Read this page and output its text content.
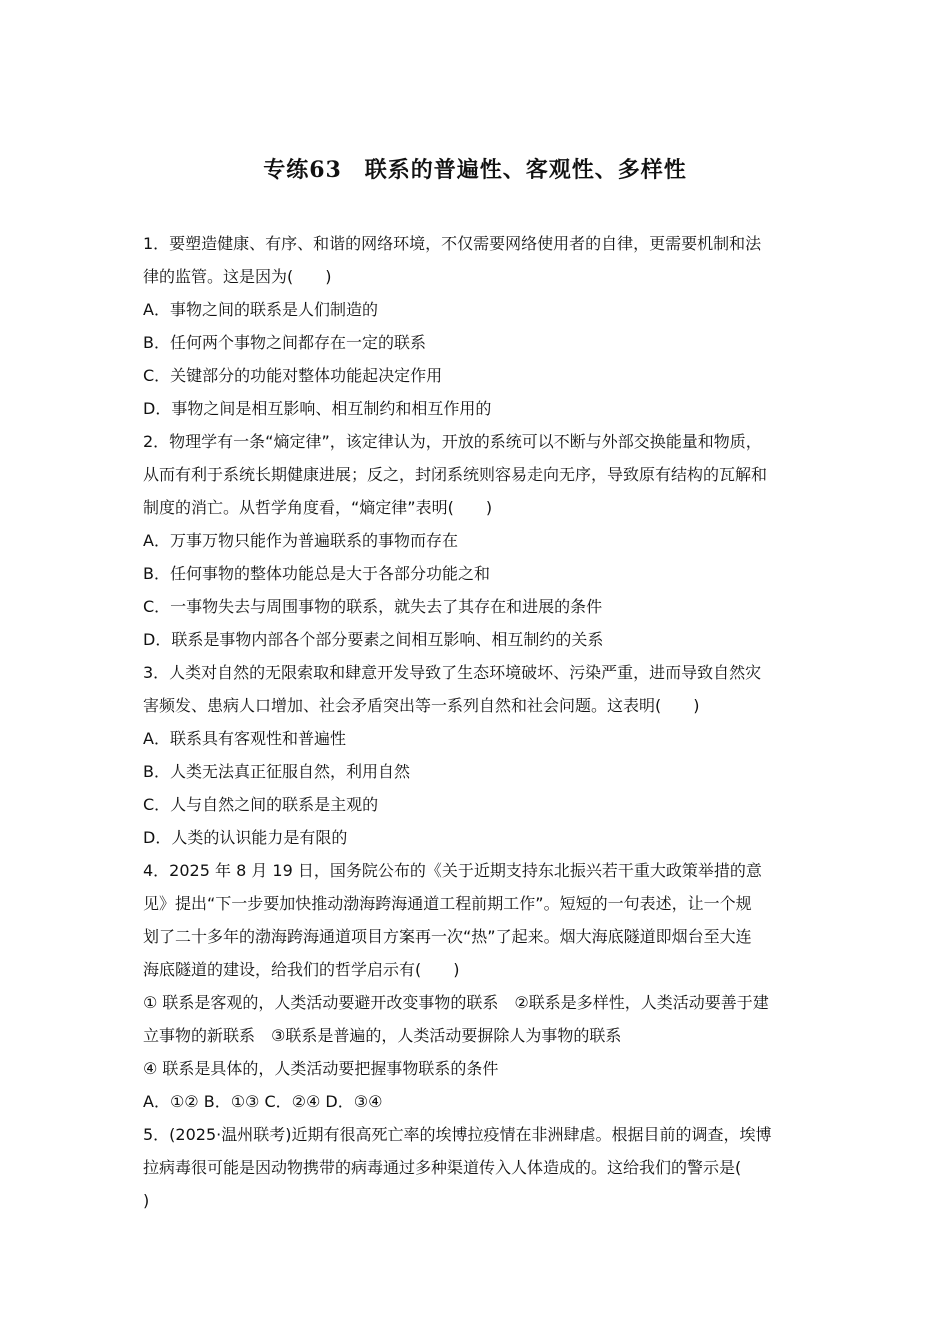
专练63　联系的普遍性、客观性、多样性
1．要塑造健康、有序、和谐的网络环境，不仅需要网络使用者的自律，更需要机制和法
律的监管。这是因为(　　)
A．事物之间的联系是人们制造的
B．任何两个事物之间都存在一定的联系
C．关键部分的功能对整体功能起决定作用
D．事物之间是相互影响、相互制约和相互作用的
2．物理学有一条“熵定律”，该定律认为，开放的系统可以不断与外部交换能量和物质，
从而有利于系统长期健康进展；反之，封闭系统则容易走向无序，导致原有结构的瓦解和
制度的消亡。从哲学角度看，“熵定律”表明(　　)
A．万事万物只能作为普遍联系的事物而存在
B．任何事物的整体功能总是大于各部分功能之和
C．一事物失去与周围事物的联系，就失去了其存在和进展的条件
D．联系是事物内部各个部分要素之间相互影响、相互制约的关系
3．人类对自然的无限索取和肆意开发导致了生态环境破坏、污染严重，进而导致自然灾
害频发、患病人口增加、社会矛盾突出等一系列自然和社会问题。这表明(　　)
A．联系具有客观性和普遍性
B．人类无法真正征服自然，利用自然
C．人与自然之间的联系是主观的
D．人类的认识能力是有限的
4．2025 年 8 月 19 日，国务院公布的《关于近期支持东北振兴若干重大政策举措的意
见》提出“下一步要加快推动渤海跨海通道工程前期工作”。短短的一句表述，让一个规
划了二十多年的渤海跨海通道项目方案再一次“热”了起来。烟大海底隧道即烟台至大连
海底隧道的建设，给我们的哲学启示有(　　)
① 联系是客观的，人类活动要避开改变事物的联系　②联系是多样性，人类活动要善于建
立事物的新联系　③联系是普遍的，人类活动要摒除人为事物的联系
④ 联系是具体的，人类活动要把握事物联系的条件
A．①② B．①③ C．②④ D．③④
5．(2025·温州联考)近期有很高死亡率的埃博拉疫情在非洲肆虐。根据目前的调查，埃博
拉病毒很可能是因动物携带的病毒通过多种渠道传入人体造成的。这给我们的警示是(
)
